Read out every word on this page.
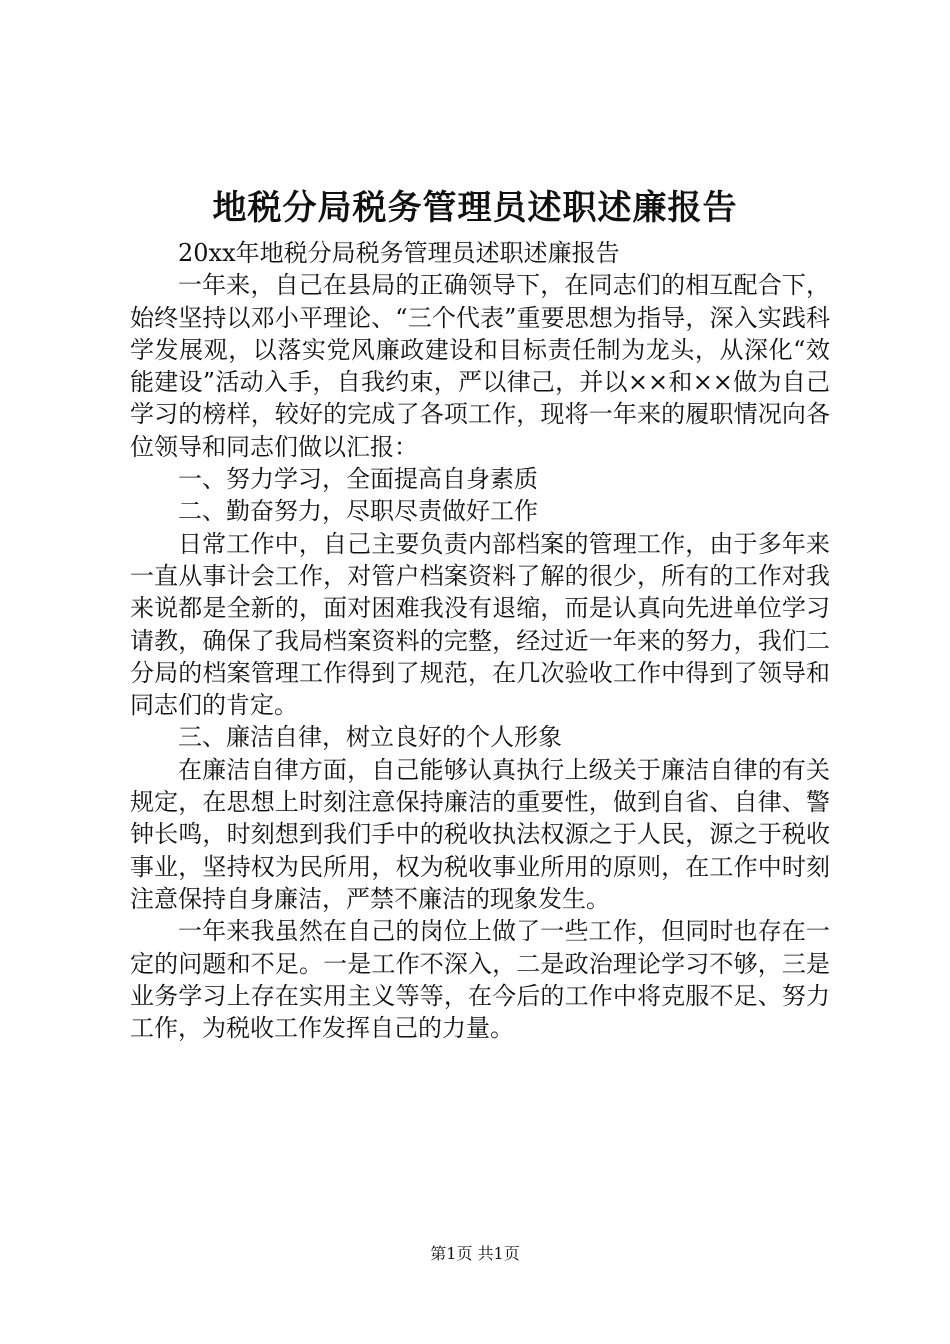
地税分局税务管理员述职述廉报告

20xx年地税分局税务管理员述职述廉报告

一年来，自己在县局的正确领导下，在同志们的相互配合下，始终坚持以邓小平理论、“三个代表”重要思想为指导，深入实践科学发展观，以落实党风廉政建设和目标责任制为龙头，从深化“效能建设”活动入手，自我约束，严以律己，并以××和××做为自己学习的榜样，较好的完成了各项工作，现将一年来的履职情况向各位领导和同志们做以汇报：

一、努力学习，全面提高自身素质

二、勤奋努力，尽职尽责做好工作

日常工作中，自己主要负责内部档案的管理工作，由于多年来一直从事计会工作，对管户档案资料了解的很少，所有的工作对我来说都是全新的，面对困难我没有退缩，而是认真向先进单位学习请教，确保了我局档案资料的完整，经过近一年来的努力，我们二分局的档案管理工作得到了规范，在几次验收工作中得到了领导和同志们的肯定。

三、廉洁自律，树立良好的个人形象

在廉洁自律方面，自己能够认真执行上级关于廉洁自律的有关规定，在思想上时刻注意保持廉洁的重要性，做到自省、自律、警钟长鸣，时刻想到我们手中的税收执法权源之于人民，源之于税收事业，坚持权为民所用，权为税收事业所用的原则，在工作中时刻注意保持自身廉洁，严禁不廉洁的现象发生。

一年来我虽然在自己的岗位上做了一些工作，但同时也存在一定的问题和不足。一是工作不深入，二是政治理论学习不够，三是业务学习上存在实用主义等等，在今后的工作中将克服不足、努力工作，为税收工作发挥自己的力量。

第1页 共1页
